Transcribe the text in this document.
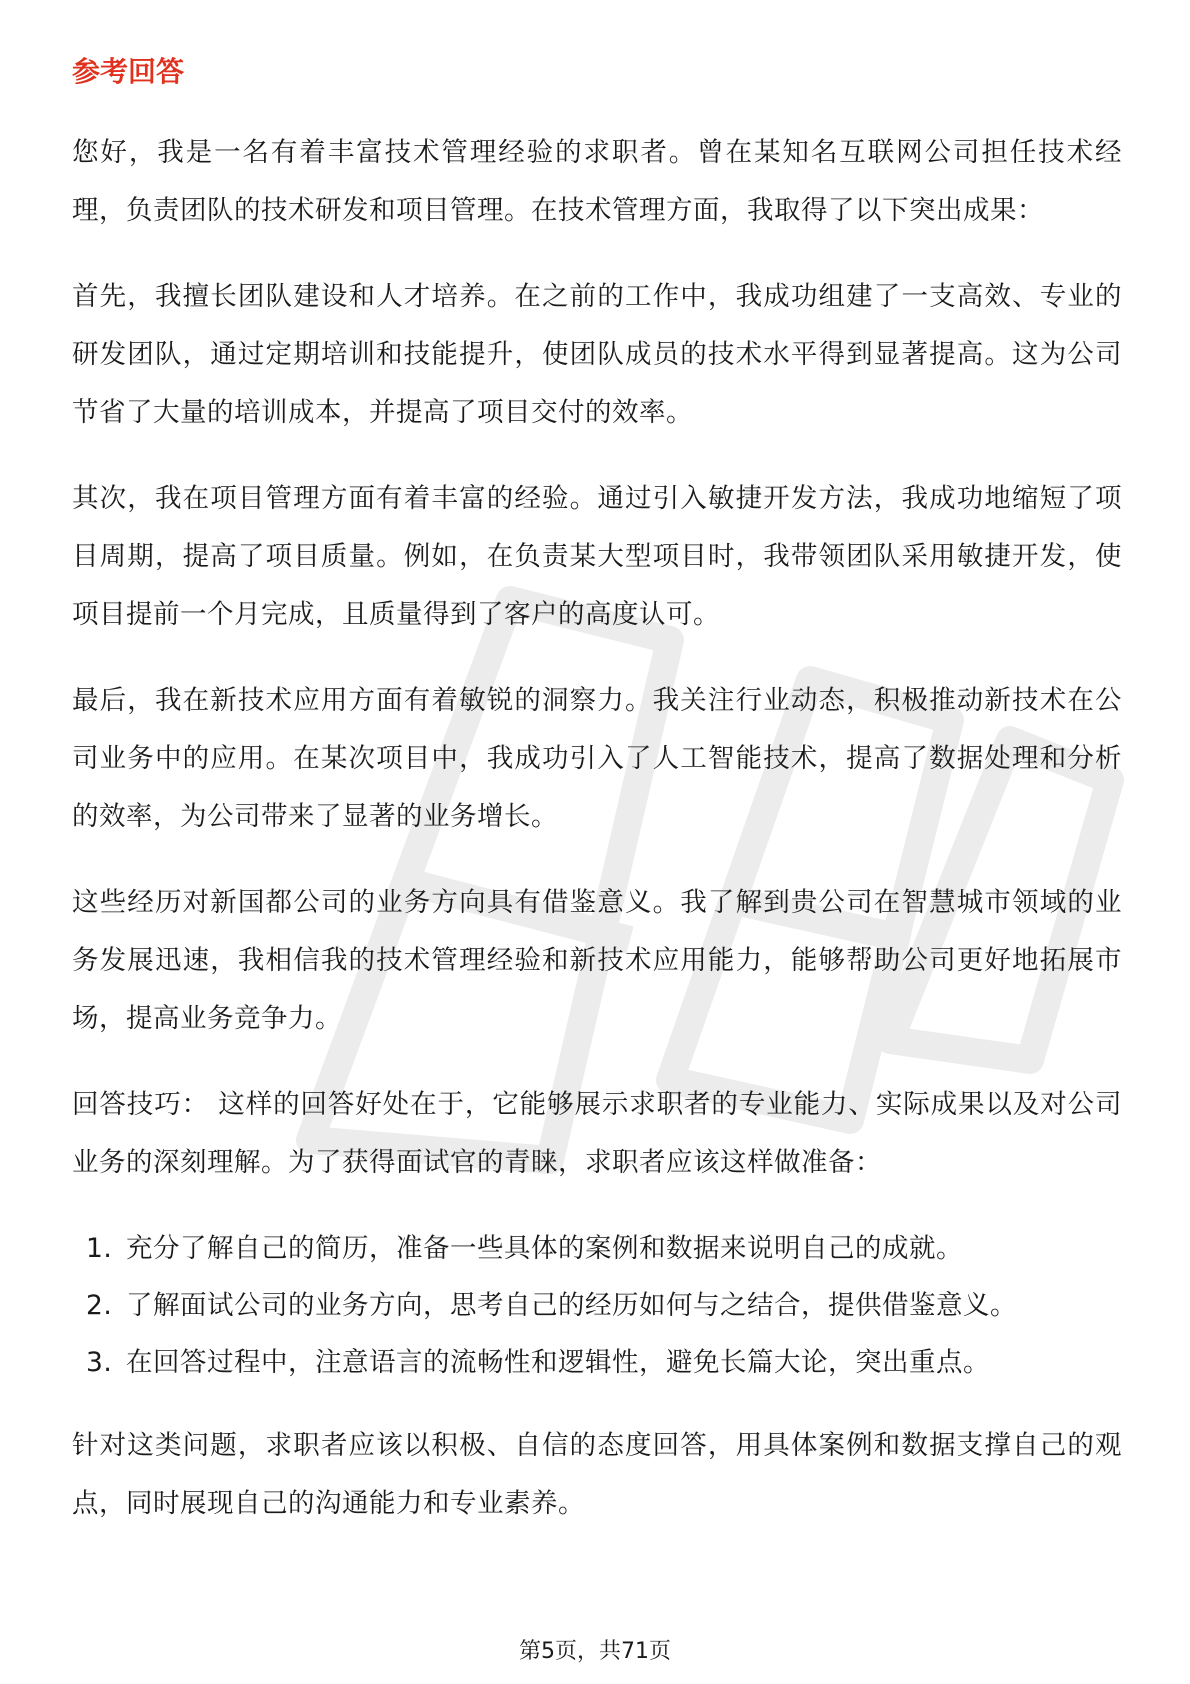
参考回答

您好，我是一名有着丰富技术管理经验的求职者。曾在某知名互联网公司担任技术经理，负责团队的技术研发和项目管理。在技术管理方面，我取得了以下突出成果：

首先，我擅长团队建设和人才培养。在之前的工作中，我成功组建了一支高效、专业的研发团队，通过定期培训和技能提升，使团队成员的技术水平得到显著提高。这为公司节省了大量的培训成本，并提高了项目交付的效率。

其次，我在项目管理方面有着丰富的经验。通过引入敏捷开发方法，我成功地缩短了项目周期，提高了项目质量。例如，在负责某大型项目时，我带领团队采用敏捷开发，使项目提前一个月完成，且质量得到了客户的高度认可。

最后，我在新技术应用方面有着敏锐的洞察力。我关注行业动态，积极推动新技术在公司业务中的应用。在某次项目中，我成功引入了人工智能技术，提高了数据处理和分析的效率，为公司带来了显著的业务增长。

这些经历对新国都公司的业务方向具有借鉴意义。我了解到贵公司在智慧城市领域的业务发展迅速，我相信我的技术管理经验和新技术应用能力，能够帮助公司更好地拓展市场，提高业务竞争力。

回答技巧： 这样的回答好处在于，它能够展示求职者的专业能力、实际成果以及对公司业务的深刻理解。为了获得面试官的青睐，求职者应该这样做准备：

1. 充分了解自己的简历，准备一些具体的案例和数据来说明自己的成就。
2. 了解面试公司的业务方向，思考自己的经历如何与之结合，提供借鉴意义。
3. 在回答过程中，注意语言的流畅性和逻辑性，避免长篇大论，突出重点。

针对这类问题，求职者应该以积极、自信的态度回答，用具体案例和数据支撑自己的观点，同时展现自己的沟通能力和专业素养。

第5页，共71页
